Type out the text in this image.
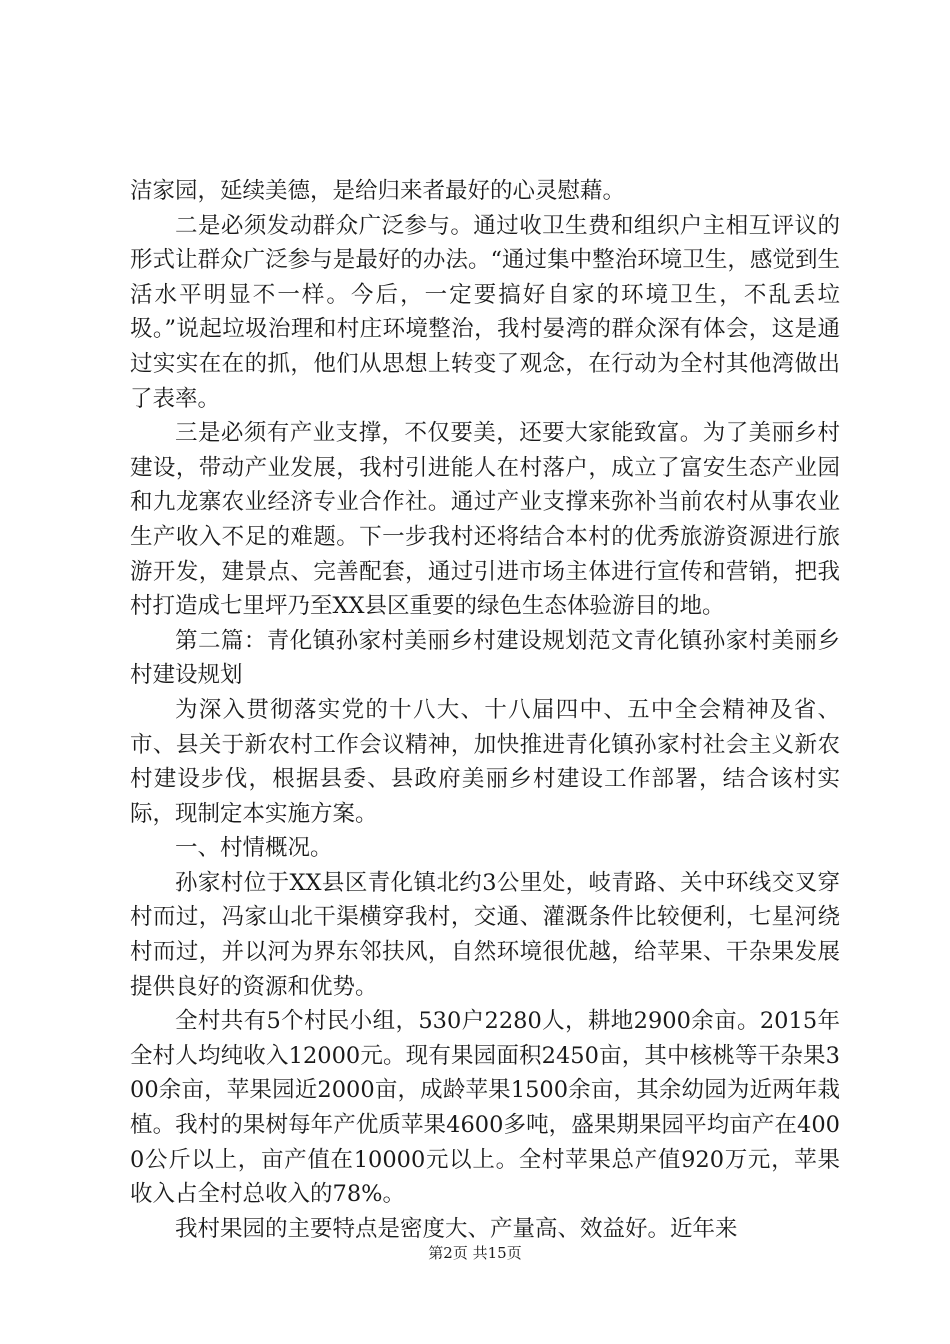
洁家园，延续美德，是给归来者最好的心灵慰藉。

二是必须发动群众广泛参与。通过收卫生费和组织户主相互评议的形式让群众广泛参与是最好的办法。“通过集中整治环境卫生，感觉到生活水平明显不一样。今后，一定要搞好自家的环境卫生，不乱丢垃圾。”说起垃圾治理和村庄环境整治，我村晏湾的群众深有体会，这是通过实实在在的抓，他们从思想上转变了观念，在行动为全村其他湾做出了表率。

三是必须有产业支撑，不仅要美，还要大家能致富。为了美丽乡村建设，带动产业发展，我村引进能人在村落户，成立了富安生态产业园和九龙寨农业经济专业合作社。通过产业支撑来弥补当前农村从事农业生产收入不足的难题。下一步我村还将结合本村的优秀旅游资源进行旅游开发，建景点、完善配套，通过引进市场主体进行宣传和营销，把我村打造成七里坪乃至XX县区重要的绿色生态体验游目的地。

第二篇：青化镇孙家村美丽乡村建设规划范文青化镇孙家村美丽乡村建设规划

为深入贯彻落实党的十八大、十八届四中、五中全会精神及省、市、县关于新农村工作会议精神，加快推进青化镇孙家村社会主义新农村建设步伐，根据县委、县政府美丽乡村建设工作部署，结合该村实际，现制定本实施方案。

一、村情概况。

孙家村位于XX县区青化镇北约3公里处，岐青路、关中环线交叉穿村而过，冯家山北干渠横穿我村，交通、灌溉条件比较便利，七星河绕村而过，并以河为界东邻扶风，自然环境很优越，给苹果、干杂果发展提供良好的资源和优势。

全村共有5个村民小组，530户2280人，耕地2900余亩。2015年全村人均纯收入12000元。现有果园面积2450亩，其中核桃等干杂果300余亩，苹果园近2000亩，成龄苹果1500余亩，其余幼园为近两年栽植。我村的果树每年产优质苹果4600多吨，盛果期果园平均亩产在4000公斤以上，亩产值在10000元以上。全村苹果总产值920万元，苹果收入占全村总收入的78%。

我村果园的主要特点是密度大、产量高、效益好。近年来

第2页 共15页
